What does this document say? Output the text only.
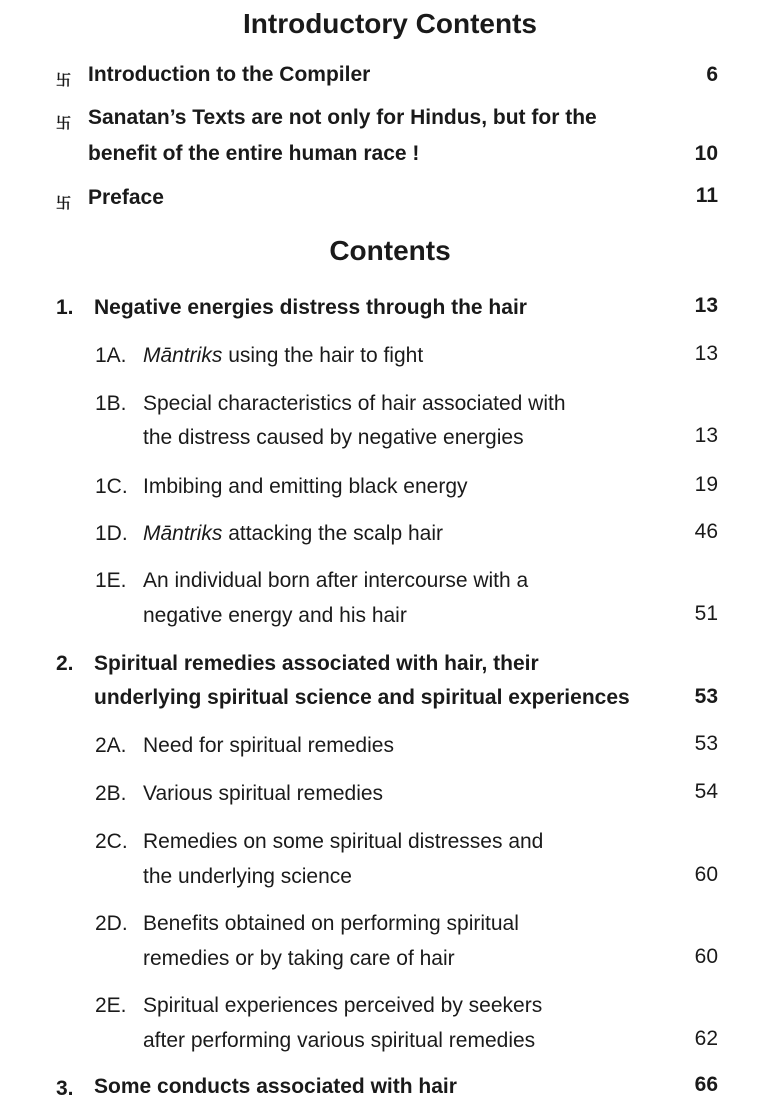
Introductory Contents
卐 Introduction to the Compiler	6
卐 Sanatan’s Texts are not only for Hindus, but for the
benefit of the entire human race !	10
卐 Preface	11
Contents
1. Negative energies distress through the hair	13
1A. Māntriks using the hair to fight	13
1B. Special characteristics of hair associated with
the distress caused by negative energies	13
1C. Imbibing and emitting black energy	19
1D. Māntriks attacking the scalp hair	46
1E. An individual born after intercourse with a
negative energy and his hair	51
2. Spiritual remedies associated with hair, their
underlying spiritual science and spiritual experiences	53
2A. Need for spiritual remedies	53
2B. Various spiritual remedies	54
2C. Remedies on some spiritual distresses and
the underlying science	60
2D. Benefits obtained on performing spiritual
remedies or by taking care of hair	60
2E. Spiritual experiences perceived by seekers
after performing various spiritual remedies	62
3. Some conducts associated with hair	66
